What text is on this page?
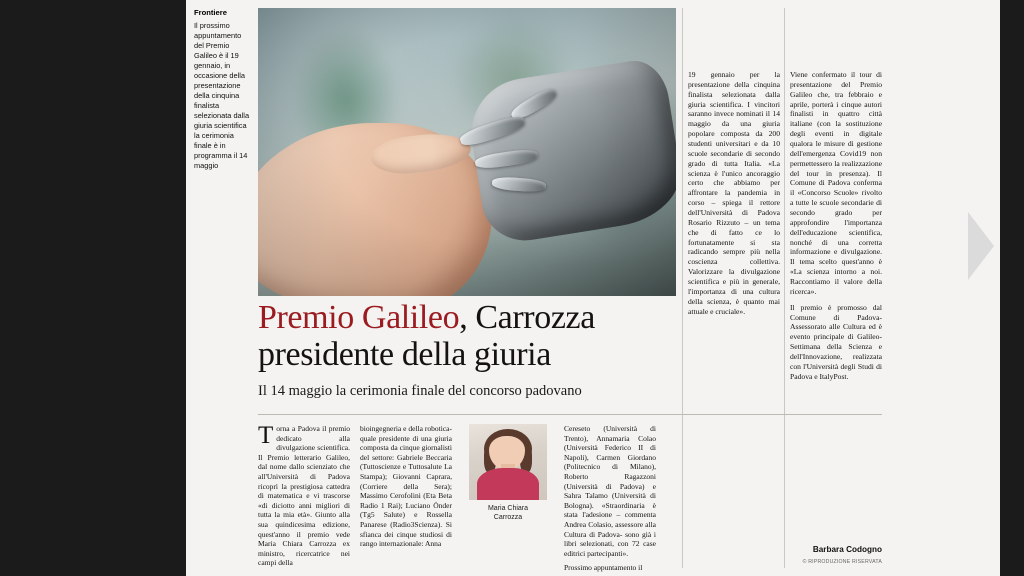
Frontiere
Il prossimo appuntamento del Premio Galileo è il 19 gennaio, in occasione della presentazione della cinquina finalista selezionata dalla giuria scientifica la cerimonia finale è in programma il 14 maggio

19 gennaio per la presentazione della cinquina finalista selezionata dalla giuria scientifica. I vincitori saranno invece nominati il 14 maggio da una giuria popolare composta da 200 studenti universitari e da 10 scuole secondarie di secondo grado di tutta Italia. «La scienza è l'unico ancoraggio certo che abbiamo per affrontare la pandemia in corso – spiega il rettore dell'Università di Padova Rosario Rizzuto – un tema che di fatto ce lo fortunatamente si sta radicando sempre più nella coscienza collettiva. Valorizzare la divulgazione scientifica e più in generale, l'importanza di una cultura della scienza, è quanto mai attuale e cruciale».

Viene confermato il tour di presentazione del Premio Galileo che, tra febbraio e aprile, porterà i cinque autori finalisti in quattro città italiane (con la sostituzione degli eventi in digitale qualora le misure di gestione dell'emergenza Covid19 non permettessero la realizzazione del tour in presenza). Il Comune di Padova conferma il «Concorso Scuole» rivolto a tutte le scuole secondarie di secondo grado per approfondire l'importanza dell'educazione scientifica, nonché di una corretta informazione e divulgazione. Il tema scelto quest'anno è «La scienza intorno a noi. Raccontiamo il valore della ricerca».

Il premio è promosso dal Comune di Padova-Assessorato alle Cultura ed è evento principale di Galileo-Settimana della Scienza e dell'Innovazione, realizzata con l'Università degli Studi di Padova e ItalyPost.

Premio Galileo, Carrozza
presidente della giuria
Il 14 maggio la cerimonia finale del concorso padovano

Torna a Padova il premio dedicato alla divulgazione scientifica. Il Premio letterario Galileo, dal nome dallo scienziato che all'Università di Padova ricoprì la prestigiosa cattedra di matematica e vi trascorse «di diciotto anni migliori di tutta la mia età». Giunto alla sua quindicesima edizione, quest'anno il premio vede Maria Chiara Carrozza ex ministro, ricercatrice nei campi della

bioingegneria e della robotica- quale presidente di una giuria composta da cinque giornalisti del settore: Gabriele Beccaria (Tuttoscienze e Tuttosalute La Stampa); Giovanni Caprara, (Corriere della Sera); Massimo Cerofolini (Eta Beta Radio 1 Rai); Luciano Önder (Tg5 Salute) e Rossella Panarese (Radio3Scienza). Si sfianca dei cinque studiosi di rango internazionale: Anna

Maria Chiara
Carrozza

Cereseto (Università di Trento), Annamaria Colao (Università Federico II di Napoli), Carmen Giordano (Politecnico di Milano), Roberto Ragazzoni (Università di Padova) e Sahra Talamo (Università di Bologna). «Straordinaria è stata l'adesione – commenta Andrea Colasio, assessore alla Cultura di Padova- sono già i libri selezionati, con 72 case editrici partecipanti».

Prossimo appuntamento il

Barbara Codogno
© RIPRODUZIONE RISERVATA
